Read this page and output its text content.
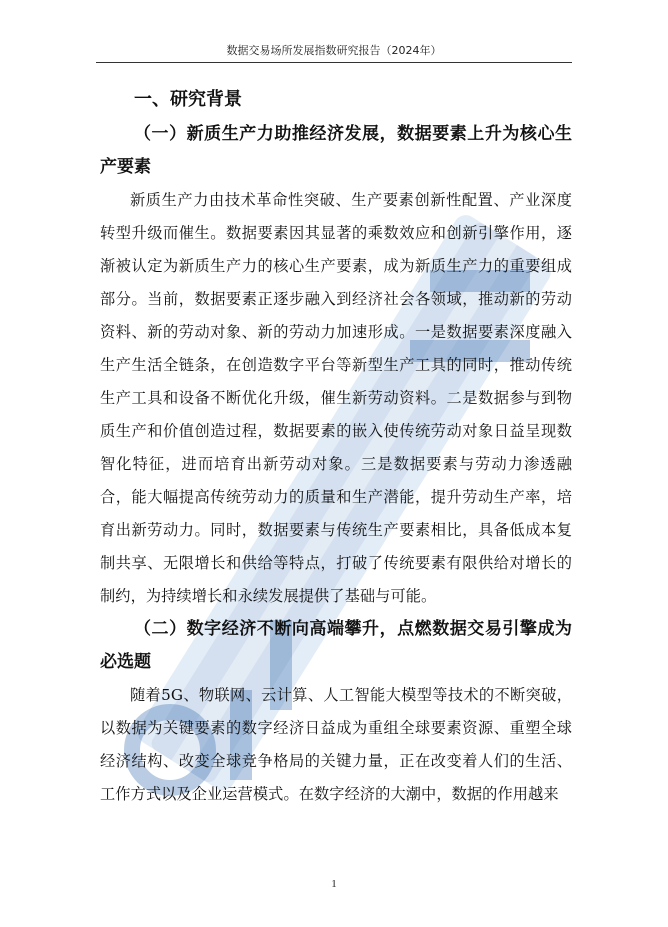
数据交易场所发展指数研究报告（2024年）
一、研究背景

（一）新质生产力助推经济发展，数据要素上升为核心生产要素

新质生产力由技术革命性突破、生产要素创新性配置、产业深度转型升级而催生。数据要素因其显著的乘数效应和创新引擎作用，逐渐被认定为新质生产力的核心生产要素，成为新质生产力的重要组成部分。当前，数据要素正逐步融入到经济社会各领域，推动新的劳动资料、新的劳动对象、新的劳动力加速形成。一是数据要素深度融入生产生活全链条，在创造数字平台等新型生产工具的同时，推动传统生产工具和设备不断优化升级，催生新劳动资料。二是数据参与到物质生产和价值创造过程，数据要素的嵌入使传统劳动对象日益呈现数智化特征，进而培育出新劳动对象。三是数据要素与劳动力渗透融合，能大幅提高传统劳动力的质量和生产潜能，提升劳动生产率，培育出新劳动力。同时，数据要素与传统生产要素相比，具备低成本复制共享、无限增长和供给等特点，打破了传统要素有限供给对增长的制约，为持续增长和永续发展提供了基础与可能。

（二）数字经济不断向高端攀升，点燃数据交易引擎成为必选题

随着5G、物联网、云计算、人工智能大模型等技术的不断突破，以数据为关键要素的数字经济日益成为重组全球要素资源、重塑全球经济结构、改变全球竞争格局的关键力量，正在改变着人们的生活、工作方式以及企业运营模式。在数字经济的大潮中，数据的作用越来

1
